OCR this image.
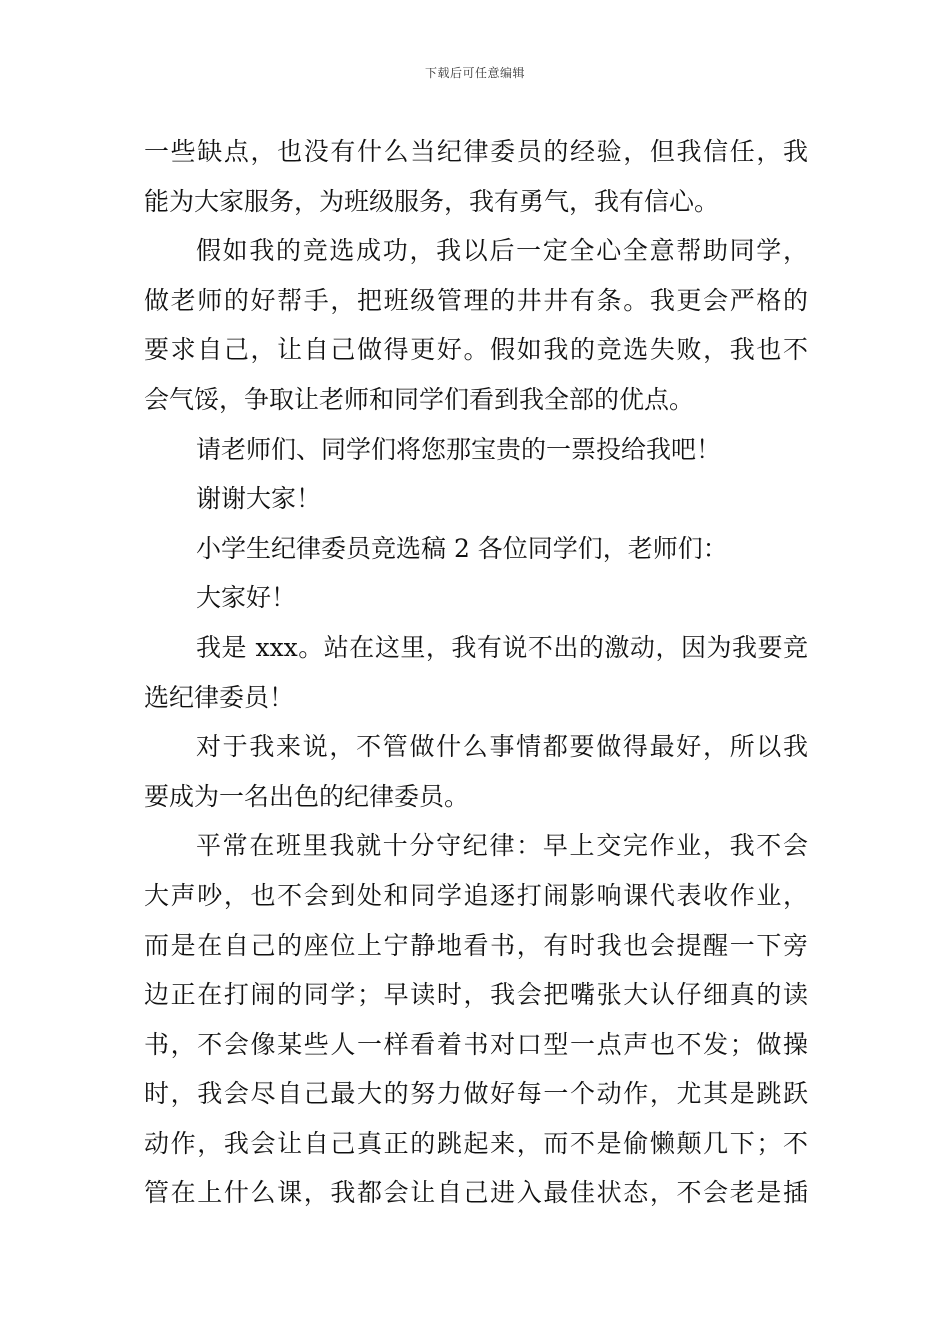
下载后可任意编辑
一些缺点，也没有什么当纪律委员的经验，但我信任，我
能为大家服务，为班级服务，我有勇气，我有信心。
假如我的竞选成功，我以后一定全心全意帮助同学，
做老师的好帮手，把班级管理的井井有条。我更会严格的
要求自己，让自己做得更好。假如我的竞选失败，我也不
会气馁，争取让老师和同学们看到我全部的优点。
请老师们、同学们将您那宝贵的一票投给我吧！
谢谢大家！
小学生纪律委员竞选稿 2 各位同学们，老师们：
大家好！
我是 xxx。站在这里，我有说不出的激动，因为我要竞
选纪律委员！
对于我来说，不管做什么事情都要做得最好，所以我
要成为一名出色的纪律委员。
平常在班里我就十分守纪律：早上交完作业，我不会
大声吵，也不会到处和同学追逐打闹影响课代表收作业，
而是在自己的座位上宁静地看书，有时我也会提醒一下旁
边正在打闹的同学；早读时，我会把嘴张大认仔细真的读
书，不会像某些人一样看着书对口型一点声也不发；做操
时，我会尽自己最大的努力做好每一个动作，尤其是跳跃
动作，我会让自己真正的跳起来，而不是偷懒颠几下；不
管在上什么课，我都会让自己进入最佳状态，不会老是插
